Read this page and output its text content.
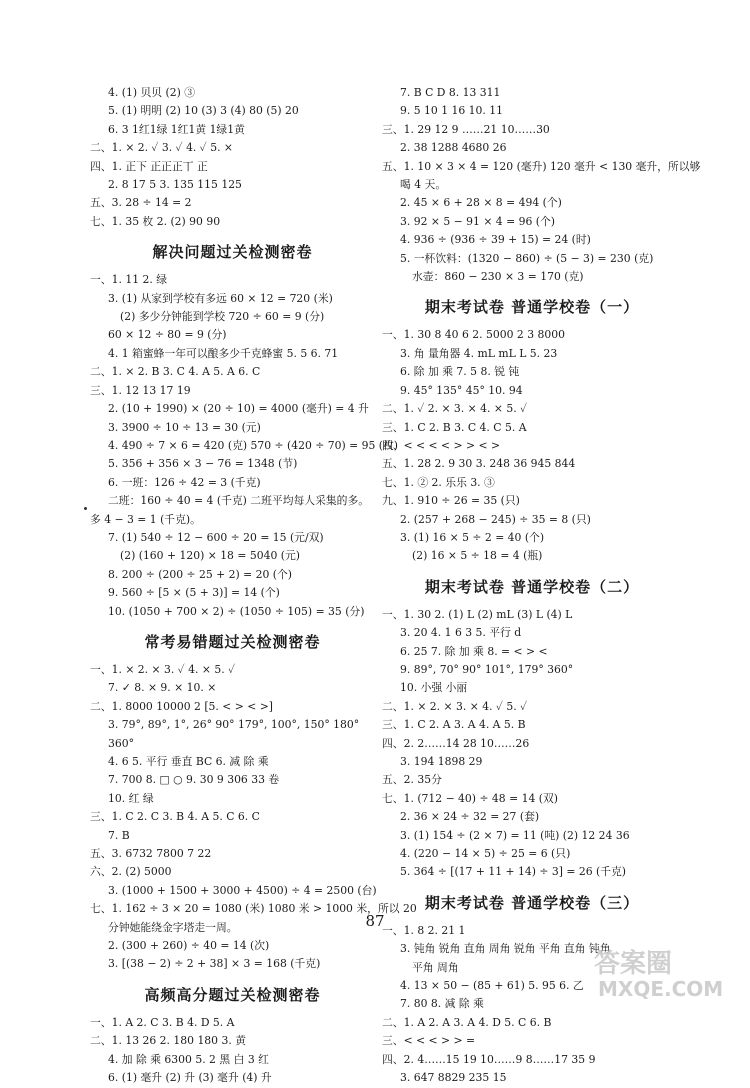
4. (1) 贝贝 (2) ③
5. (1) 明明 (2) 10 (3) 3 (4) 80 (5) 20
6. 3 1红1绿 1红1黄 1绿1黄
二、1. × 2. ✓ 3. ✓ 4. ✓ 5. ×
四、1. 正下 正正正丅 正
2. 8 17 5 3. 135 115 125
五、3. 28 ÷ 14 = 2
七、1. 35 枚 2. (2) 90 90
解决问题过关检测密卷
一、1. 11 2. 绿
3. (1) 从家到学校有多远 60 × 12 = 720 (米)
(2) 多少分钟能到学校 720 ÷ 60 = 9 (分)
60 × 12 ÷ 80 = 9 (分)
4. 1 箱蜜蜂一年可以酿多少千克蜂蜜 5. 5 6. 71
二、1. × 2. B 3. C 4. A 5. A 6. C
三、1. 12 13 17 19
2. (10 + 1990) × (20 ÷ 10) = 4000 (毫升) = 4 升
3. 3900 ÷ 10 ÷ 13 = 30 (元)
4. 490 ÷ 7 × 6 = 420 (克) 570 ÷ (420 ÷ 70) = 95 (枚)
5. 356 + 356 × 3 − 76 = 1348 (节)
6. 一班：126 ÷ 42 = 3 (千克)
二班：160 ÷ 40 = 4 (千克) 二班平均每人采集的多。
多 4 − 3 = 1 (千克)。
7. (1) 540 ÷ 12 − 600 ÷ 20 = 15 (元/双)
(2) (160 + 120) × 18 = 5040 (元)
8. 200 ÷ (200 ÷ 25 + 2) = 20 (个)
9. 560 ÷ [5 × (5 + 3)] = 14 (个)
10. (1050 + 700 × 2) ÷ (1050 ÷ 105) = 35 (分)
常考易错题过关检测密卷
一、1. × 2. × 3. ✓ 4. × 5. ✓
7. ✓ 8. × 9. × 10. ×
二、1. 8000 10000 2 [5. < > < >]
3. 79°, 89°, 1°, 26° 90° 179°, 100°, 150° 180°
360°
4. 6 5. 平行 垂直 BC 6. 减 除 乘
7. 700 8. □ ○ 9. 30 9 306 33 卷
10. 红 绿
三、1. C 2. C 3. B 4. A 5. C 6. C
7. B
五、3. 6732 7800 7 22
六、2. (2) 5000
3. (1000 + 1500 + 3000 + 4500) ÷ 4 = 2500 (台)
七、1. 162 ÷ 3 × 20 = 1080 (米) 1080 米 > 1000 米，所以 20
分钟她能绕金字塔走一周。
2. (300 + 260) ÷ 40 = 14 (次)
3. [(38 − 2) ÷ 2 + 38] × 3 = 168 (千克)
高频高分题过关检测密卷
一、1. A 2. C 3. B 4. D 5. A
二、1. 13 26 2. 180 180 3. 黄
4. 加 除 乘 6300 5. 2 黑 白 3 红
6. (1) 毫升 (2) 升 (3) 毫升 (4) 升
7. B C D 8. 13 311
9. 5 10 1 16 10. 11
三、1. 29 12 9 ……21 10……30
2. 38 1288 4680 26
五、1. 10 × 3 × 4 = 120 (毫升) 120 毫升 < 130 毫升，所以够
喝 4 天。
2. 45 × 6 + 28 × 8 = 494 (个)
3. 92 × 5 − 91 × 4 = 96 (个)
4. 936 ÷ (936 ÷ 39 + 15) = 24 (时)
5. 一杯饮料：(1320 − 860) ÷ (5 − 3) = 230 (克)
水壶：860 − 230 × 3 = 170 (克)
期末考试卷 普通学校卷（一）
一、1. 30 8 40 6 2. 5000 2 3 8000
3. 角 量角器 4. mL mL L 5. 23
6. 除 加 乘 7. 5 8. 锐 钝
9. 45° 135° 45° 10. 94
二、1. ✓ 2. × 3. × 4. × 5. ✓
三、1. C 2. B 3. C 4. C 5. A
四、< < < < > > < >
五、1. 28 2. 9 30 3. 248 36 945 844
七、1. ② 2. 乐乐 3. ③
九、1. 910 ÷ 26 = 35 (只)
2. (257 + 268 − 245) ÷ 35 = 8 (只)
3. (1) 16 × 5 ÷ 2 = 40 (个)
(2) 16 × 5 ÷ 18 = 4 (瓶)
期末考试卷 普通学校卷（二）
一、1. 30 2. (1) L (2) mL (3) L (4) L
3. 20 4. 1 6 3 5. 平行 d
6. 25 7. 除 加 乘 8. = < > <
9. 89°, 70° 90° 101°, 179° 360°
10. 小强 小丽
二、1. × 2. × 3. × 4. ✓ 5. ✓
三、1. C 2. A 3. A 4. A 5. B
四、2. 2……14 28 10……26
3. 194 1898 29
五、2. 35分
七、1. (712 − 40) ÷ 48 = 14 (双)
2. 36 × 24 ÷ 32 = 27 (套)
3. (1) 154 ÷ (2 × 7) = 11 (吨) (2) 12 24 36
4. (220 − 14 × 5) ÷ 25 = 6 (只)
5. 364 ÷ [(17 + 11 + 14) ÷ 3] = 26 (千克)
期末考试卷 普通学校卷（三）
一、1. 8 2. 21 1
3. 钝角 锐角 直角 周角 锐角 平角 直角 钝角
平角 周角
4. 13 × 50 − (85 + 61) 5. 95 6. 乙
7. 80 8. 减 除 乘
二、1. A 2. A 3. A 4. D 5. C 6. B
三、< < < > > =
四、2. 4……15 19 10……9 8……17 35 9
3. 647 8829 235 15
87
答案圈
MXQE.COM
